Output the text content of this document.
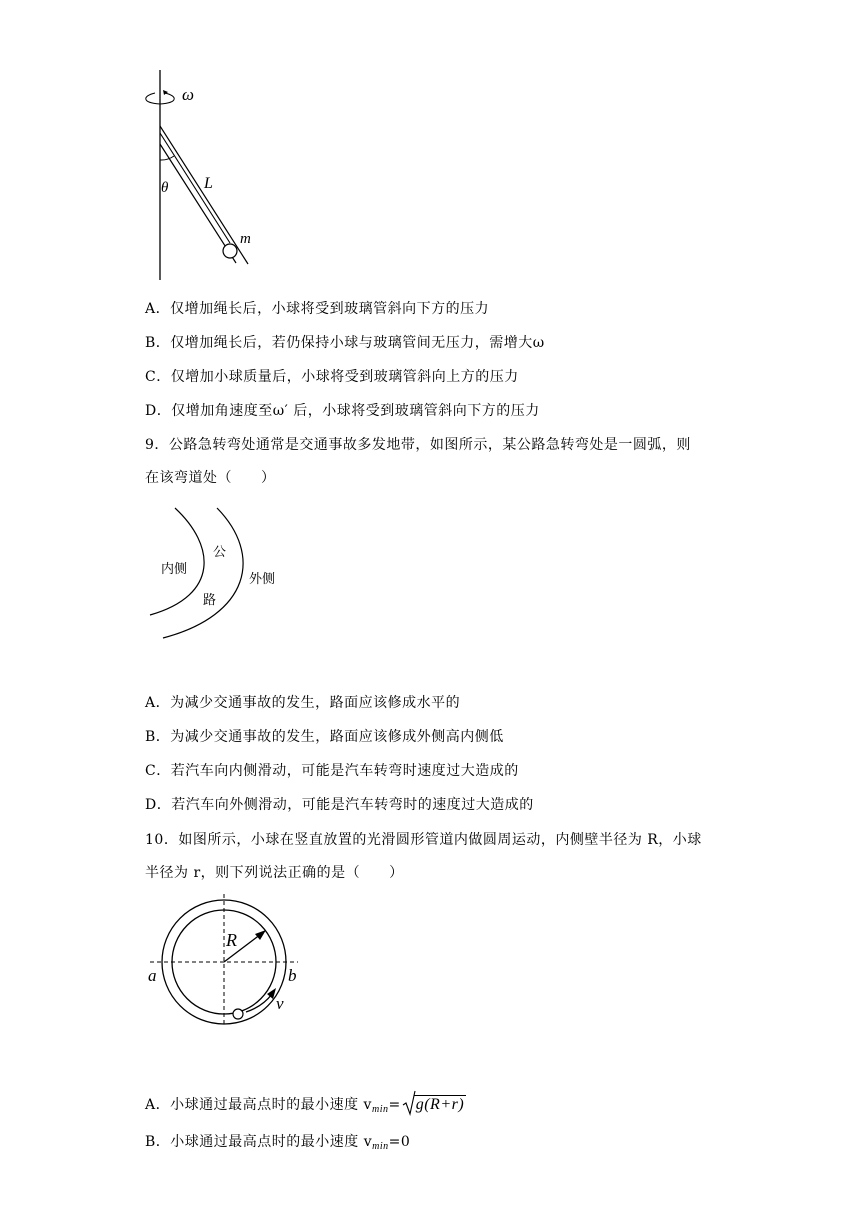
ω
θ L
m
A．仅增加绳长后，小球将受到玻璃管斜向下方的压力
B．仅增加绳长后，若仍保持小球与玻璃管间无压力，需增大ω
C．仅增加小球质量后，小球将受到玻璃管斜向上方的压力
D．仅增加角速度至ω′ 后，小球将受到玻璃管斜向下方的压力
9．公路急转弯处通常是交通事故多发地带，如图所示，某公路急转弯处是一圆弧，则
在该弯道处（　　）
内侧
公
路
外侧
A．为减少交通事故的发生，路面应该修成水平的
B．为减少交通事故的发生，路面应该修成外侧高内侧低
C．若汽车向内侧滑动，可能是汽车转弯时速度过大造成的
D．若汽车向外侧滑动，可能是汽车转弯时的速度过大造成的
10．如图所示，小球在竖直放置的光滑圆形管道内做圆周运动，内侧壁半径为 R，小球
半径为 r，则下列说法正确的是（　　）
R
a	b
v
A．小球通过最高点时的最小速度 $v_{min}= g(R+r)$
B．小球通过最高点时的最小速度 $v_{min}=0$
